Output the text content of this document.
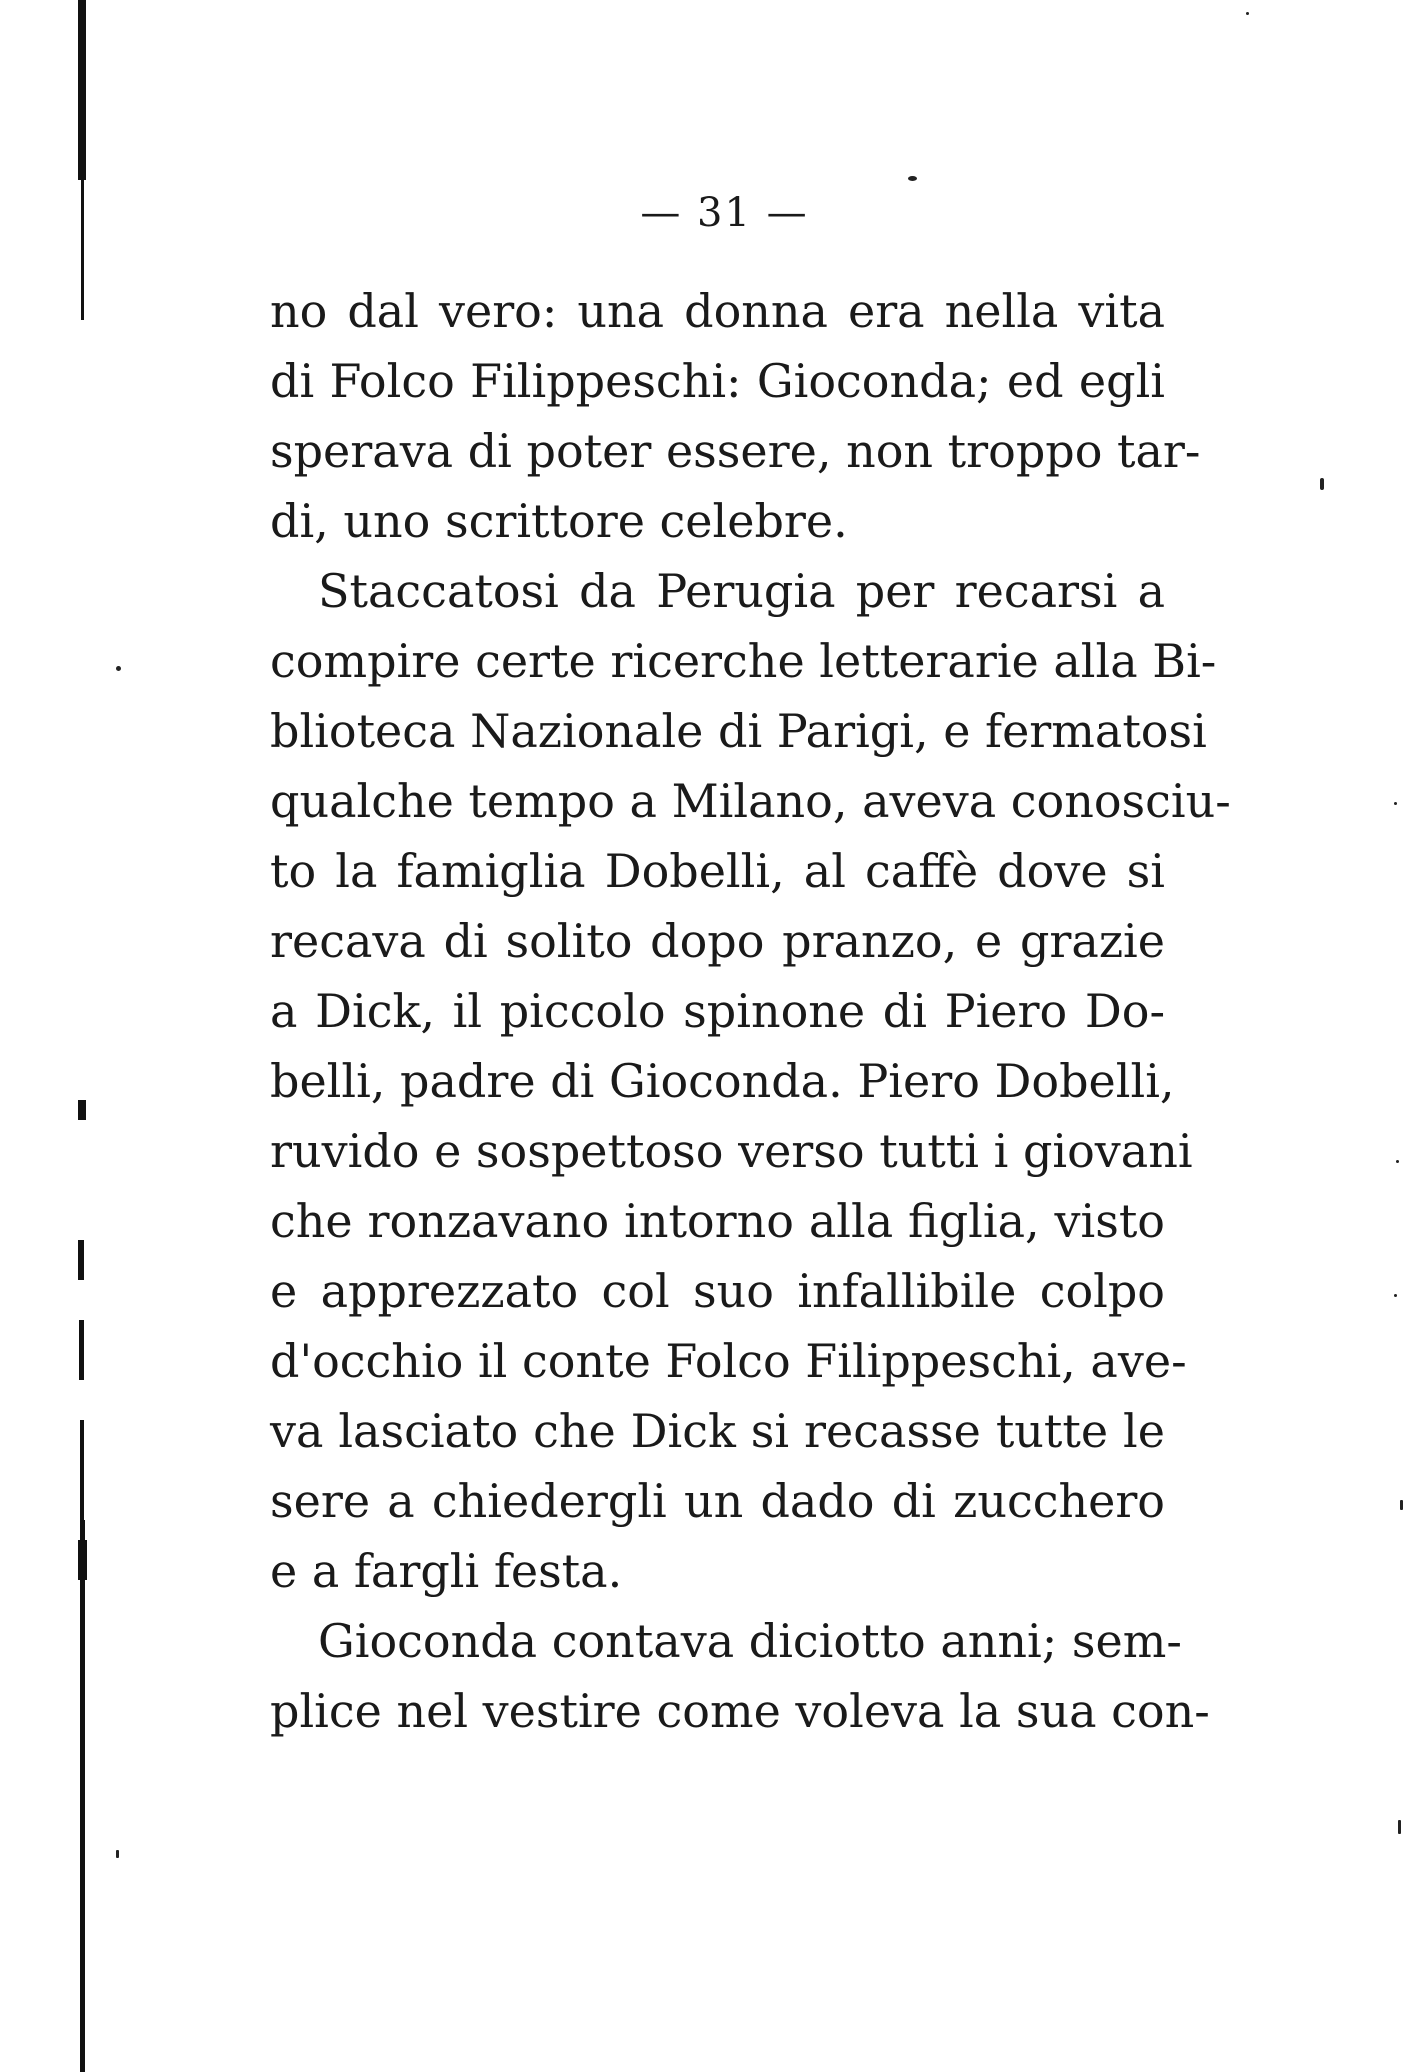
— 31 —
no dal vero: una donna era nella vita
di Folco Filippeschi: Gioconda; ed egli
sperava di poter essere, non troppo tar-
di, uno scrittore celebre.
Staccatosi da Perugia per recarsi a
compire certe ricerche letterarie alla Bi-
blioteca Nazionale di Parigi, e fermatosi
qualche tempo a Milano, aveva conosciu-
to la famiglia Dobelli, al caffè dove si
recava di solito dopo pranzo, e grazie
a Dick, il piccolo spinone di Piero Do-
belli, padre di Gioconda. Piero Dobelli,
ruvido e sospettoso verso tutti i giovani
che ronzavano intorno alla figlia, visto
e apprezzato col suo infallibile colpo
d'occhio il conte Folco Filippeschi, ave-
va lasciato che Dick si recasse tutte le
sere a chiedergli un dado di zucchero
e a fargli festa.
Gioconda contava diciotto anni; sem-
plice nel vestire come voleva la sua con-
